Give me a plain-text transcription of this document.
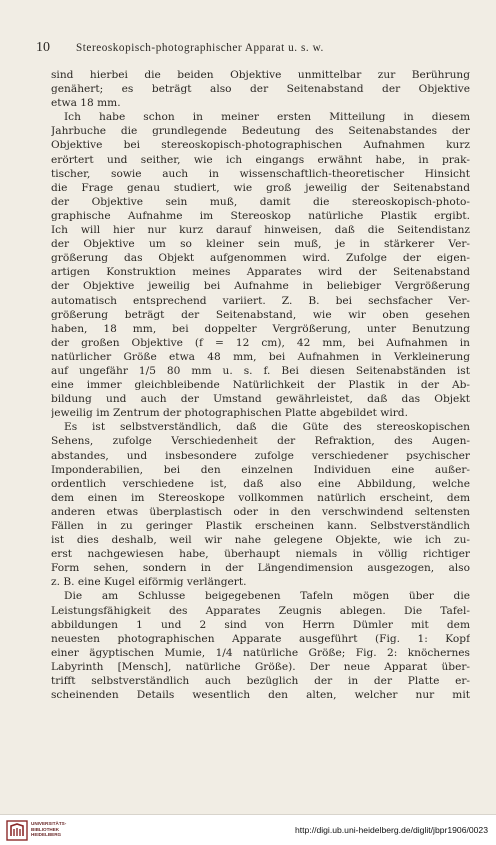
10	Stereoskopisch-photographischer Apparat u. s. w.
sind hierbei die beiden Objektive unmittelbar zur Berührung
genähert; es beträgt also der Seitenabstand der Objektive
etwa 18 mm.
Ich habe schon in meiner ersten Mitteilung in diesem
Jahrbuche die grundlegende Bedeutung des Seitenabstandes der
Objektive bei stereoskopisch-photographischen Aufnahmen kurz
erörtert und seither, wie ich eingangs erwähnt habe, in prak-
tischer, sowie auch in wissenschaftlich-theoretischer Hinsicht
die Frage genau studiert, wie groß jeweilig der Seitenabstand
der Objektive sein muß, damit die stereoskopisch-photo-
graphische Aufnahme im Stereoskop natürliche Plastik ergibt.
Ich will hier nur kurz darauf hinweisen, daß die Seitendistanz
der Objektive um so kleiner sein muß, je in stärkerer Ver-
größerung das Objekt aufgenommen wird. Zufolge der eigen-
artigen Konstruktion meines Apparates wird der Seitenabstand
der Objektive jeweilig bei Aufnahme in beliebiger Vergrößerung
automatisch entsprechend variiert. Z. B. bei sechsfacher Ver-
größerung beträgt der Seitenabstand, wie wir oben gesehen
haben, 18 mm, bei doppelter Vergrößerung, unter Benutzung
der großen Objektive (f = 12 cm), 42 mm, bei Aufnahmen in
natürlicher Größe etwa 48 mm, bei Aufnahmen in Verkleinerung
auf ungefähr 1/5 80 mm u. s. f. Bei diesen Seitenabständen ist
eine immer gleichbleibende Natürlichkeit der Plastik in der Ab-
bildung und auch der Umstand gewährleistet, daß das Objekt
jeweilig im Zentrum der photographischen Platte abgebildet wird.
Es ist selbstverständlich, daß die Güte des stereoskopischen
Sehens, zufolge Verschiedenheit der Refraktion, des Augen-
abstandes, und insbesondere zufolge verschiedener psychischer
Imponderabilien, bei den einzelnen Individuen eine außer-
ordentlich verschiedene ist, daß also eine Abbildung, welche
dem einen im Stereoskope vollkommen natürlich erscheint, dem
anderen etwas überplastisch oder in den verschwindend seltensten
Fällen in zu geringer Plastik erscheinen kann. Selbstverständlich
ist dies deshalb, weil wir nahe gelegene Objekte, wie ich zu-
erst nachgewiesen habe, überhaupt niemals in völlig richtiger
Form sehen, sondern in der Längendimension ausgezogen, also
z. B. eine Kugel eiförmig verlängert.
Die am Schlusse beigegebenen Tafeln mögen über die
Leistungsfähigkeit des Apparates Zeugnis ablegen. Die Tafel-
abbildungen 1 und 2 sind von Herrn Dümler mit dem
neuesten photographischen Apparate ausgeführt (Fig. 1: Kopf
einer ägyptischen Mumie, 1/4 natürliche Größe; Fig. 2: knöchernes
Labyrinth [Mensch], natürliche Größe). Der neue Apparat über-
trifft selbstverständlich auch bezüglich der in der Platte er-
scheinenden Details wesentlich den alten, welcher nur mit
UNIVERSITÄTS-
BIBLIOTHEK
HEIDELBERG	http://digi.ub.uni-heidelberg.de/diglit/jbpr1906/0023
